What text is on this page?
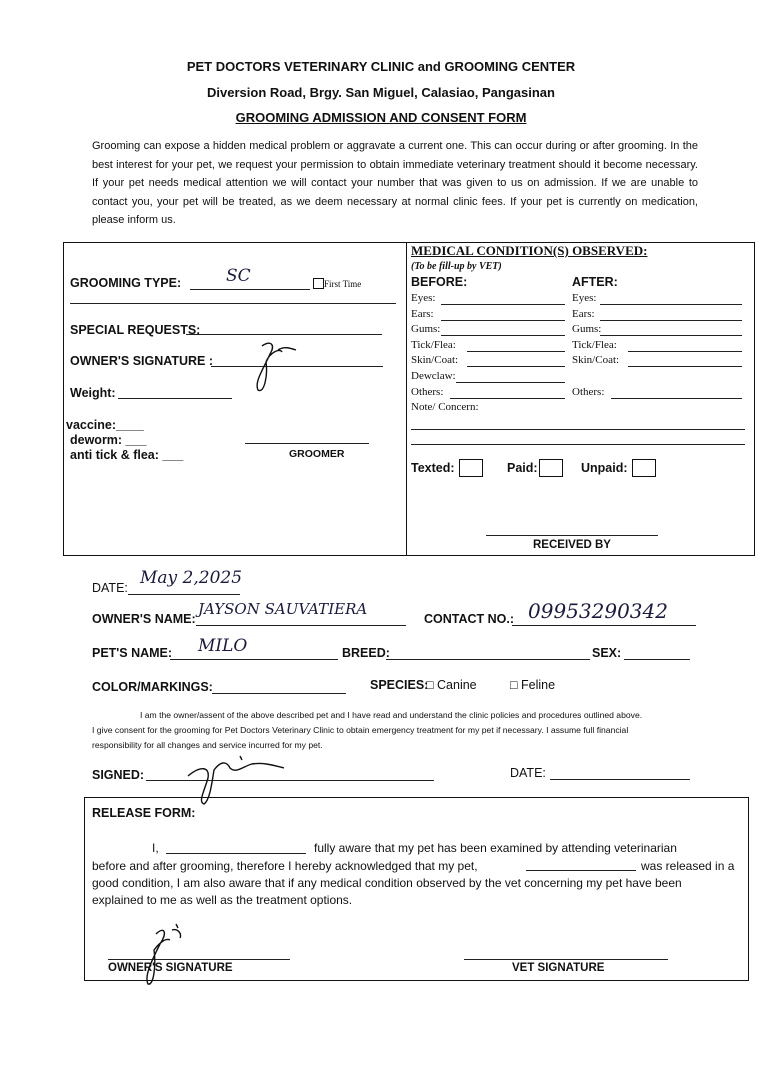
PET DOCTORS VETERINARY CLINIC and GROOMING CENTER
Diversion Road, Brgy. San Miguel, Calasiao, Pangasinan
GROOMING ADMISSION AND CONSENT FORM
Grooming can expose a hidden medical problem or aggravate a current one. This can occur during or after grooming. In the best interest for your pet, we request your permission to obtain immediate veterinary treatment should it become necessary. If your pet needs medical attention we will contact your number that was given to us on admission. If we are unable to contact you, your pet will be treated, as we deem necessary at normal clinic fees. If your pet is currently on medication, please inform us.
GROOMING TYPE:	SC	First Time
SPECIAL REQUESTS:
OWNER'S SIGNATURE :
Weight:
vaccine:____
deworm: ___
anti tick & flea: ___	GROOMER
MEDICAL CONDITION(S) OBSERVED:
(To be fill-up by VET)
BEFORE:	AFTER:
Eyes:	Eyes:
Ears:	Ears:
Gums:	Gums:
Tick/Flea:	Tick/Flea:
Skin/Coat:	Skin/Coat:
Dewclaw:
Others:	Others:
Note/ Concern:
Texted:	Paid:	Unpaid:
RECEIVED BY
DATE: May 2,2025
OWNER'S NAME:
JAYSON SAUVATIERA
CONTACT NO.: 09953290342
PET'S NAME: MILO	BREED:	SEX:
COLOR/MARKINGS:	SPECIES:
□ Canine	□ Feline
I am the owner/assent of the above described pet and I have read and understand the clinic policies and procedures outlined above.
I give consent for the grooming for Pet Doctors Veterinary Clinic to obtain emergency treatment for my pet if necessary. I assume full financial
responsibility for all changes and service incurred for my pet.
SIGNED:	DATE:
RELEASE FORM:
I,	fully aware that my pet has been examined by attending veterinarian
before and after grooming, therefore I hereby acknowledged that my pet,	was released in a
good condition, I am also aware that if any medical condition observed by the vet concerning my pet have been
explained to me as well as the treatment options.
OWNER'S SIGNATURE	VET SIGNATURE
